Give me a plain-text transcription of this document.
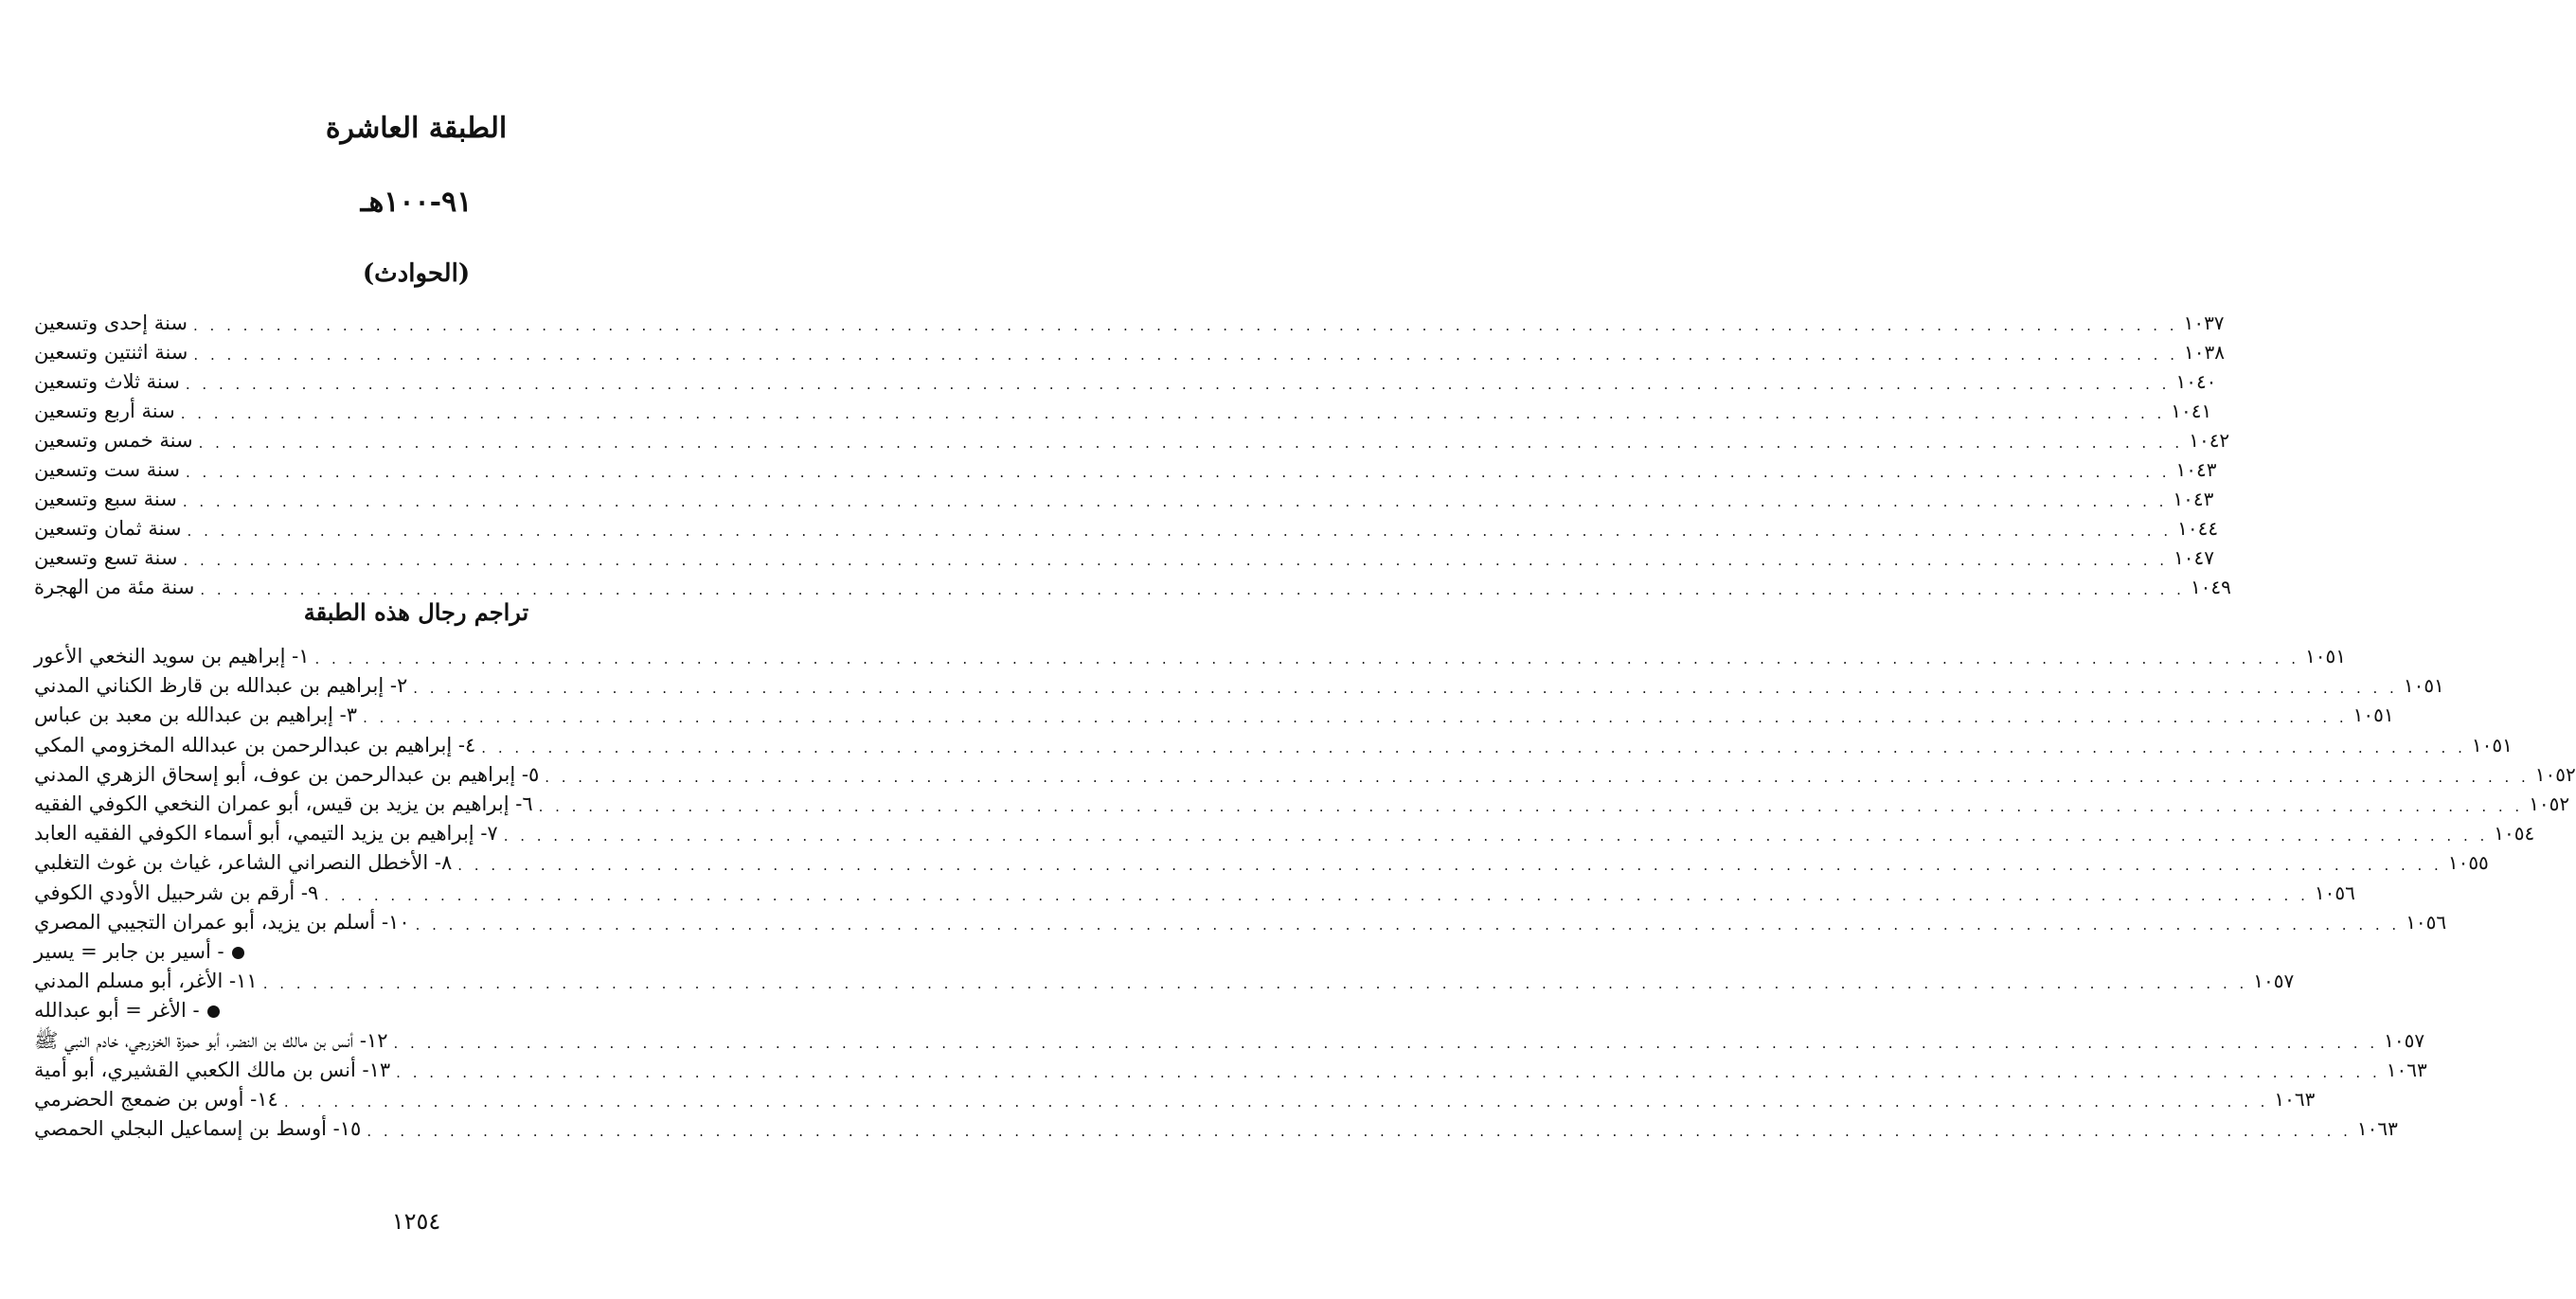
الطبقة العاشرة
٩١-١٠٠هـ
(الحوادث)
سنة إحدى وتسعين . . . . . . . . . . . . . . . . . . . . . . . . . . . . . . . . . . . . . . . . . . . . . . . . . . . . . . . . . . . . . . . . . . . . . . . . . . . . . . . . . . . . . . . . . . . . . . . . . . . . . . . . . . . . . . . . . . . . . . . . ١٠٣٧
سنة اثنتين وتسعين . . . . . . . . . . . . . . . . . . . . . . . . . . . . . . . . . . . . . . . . . . . . . . . . . . . . . . . . . . . . . . . . . . . . . . . . . . . . . . . . . . . . . . . . . . . . . . . . . . . . . . . . . . . . . . . . . . . . . . . . ١٠٣٨
سنة ثلاث وتسعين . . . . . . . . . . . . . . . . . . . . . . . . . . . . . . . . . . . . . . . . . . . . . . . . . . . . . . . . . . . . . . . . . . . . . . . . . . . . . . . . . . . . . . . . . . . . . . . . . . . . . . . . . . . . . . . . . . . . . . . . ١٠٤٠
سنة أربع وتسعين . . . . . . . . . . . . . . . . . . . . . . . . . . . . . . . . . . . . . . . . . . . . . . . . . . . . . . . . . . . . . . . . . . . . . . . . . . . . . . . . . . . . . . . . . . . . . . . . . . . . . . . . . . . . . . . . . . . . . . . . ١٠٤١
سنة خمس وتسعين . . . . . . . . . . . . . . . . . . . . . . . . . . . . . . . . . . . . . . . . . . . . . . . . . . . . . . . . . . . . . . . . . . . . . . . . . . . . . . . . . . . . . . . . . . . . . . . . . . . . . . . . . . . . . . . . . . . . . . . . ١٠٤٢
سنة ست وتسعين . . . . . . . . . . . . . . . . . . . . . . . . . . . . . . . . . . . . . . . . . . . . . . . . . . . . . . . . . . . . . . . . . . . . . . . . . . . . . . . . . . . . . . . . . . . . . . . . . . . . . . . . . . . . . . . . . . . . . . . . ١٠٤٣
سنة سبع وتسعين . . . . . . . . . . . . . . . . . . . . . . . . . . . . . . . . . . . . . . . . . . . . . . . . . . . . . . . . . . . . . . . . . . . . . . . . . . . . . . . . . . . . . . . . . . . . . . . . . . . . . . . . . . . . . . . . . . . . . . . . ١٠٤٣
سنة ثمان وتسعين . . . . . . . . . . . . . . . . . . . . . . . . . . . . . . . . . . . . . . . . . . . . . . . . . . . . . . . . . . . . . . . . . . . . . . . . . . . . . . . . . . . . . . . . . . . . . . . . . . . . . . . . . . . . . . . . . . . . . . . . ١٠٤٤
سنة تسع وتسعين . . . . . . . . . . . . . . . . . . . . . . . . . . . . . . . . . . . . . . . . . . . . . . . . . . . . . . . . . . . . . . . . . . . . . . . . . . . . . . . . . . . . . . . . . . . . . . . . . . . . . . . . . . . . . . . . . . . . . . . . ١٠٤٧
سنة مئة من الهجرة . . . . . . . . . . . . . . . . . . . . . . . . . . . . . . . . . . . . . . . . . . . . . . . . . . . . . . . . . . . . . . . . . . . . . . . . . . . . . . . . . . . . . . . . . . . . . . . . . . . . . . . . . . . . . . . . . . . . . . . . ١٠٤٩
تراجم رجال هذه الطبقة
١- إبراهيم بن سويد النخعي الأعور . . . . . . . . . . . . . . . . . . . . . . . . . . . . . . . . . . . . . . . . . . . . . . . . . . . . . . . . . . . . . . . . . . . . . . . . . . . . . . . . . . . . . . . . . . . . . . . . . . . . . . . . . . . . . . . . . . . . . . . . ١٠٥١
٢- إبراهيم بن عبدالله بن قارظ الكناني المدني . . . . . . . . . . . . . . . . . . . . . . . . . . . . . . . . . . . . . . . . . . . . . . . . . . . . . . . . . . . . . . . . . . . . . . . . . . . . . . . . . . . . . . . . . . . . . . . . . . . . . . . . . . . . . . . . . . . . . . . . ١٠٥١
٣- إبراهيم بن عبدالله بن معبد بن عباس . . . . . . . . . . . . . . . . . . . . . . . . . . . . . . . . . . . . . . . . . . . . . . . . . . . . . . . . . . . . . . . . . . . . . . . . . . . . . . . . . . . . . . . . . . . . . . . . . . . . . . . . . . . . . . . . . . . . . . . . ١٠٥١
٤- إبراهيم بن عبدالرحمن بن عبدالله المخزومي المكي . . . . . . . . . . . . . . . . . . . . . . . . . . . . . . . . . . . . . . . . . . . . . . . . . . . . . . . . . . . . . . . . . . . . . . . . . . . . . . . . . . . . . . . . . . . . . . . . . . . . . . . . . . . . . . . . . . . . . . . . ١٠٥١
٥- إبراهيم بن عبدالرحمن بن عوف، أبو إسحاق الزهري المدني . . . . . . . . . . . . . . . . . . . . . . . . . . . . . . . . . . . . . . . . . . . . . . . . . . . . . . . . . . . . . . . . . . . . . . . . . . . . . . . . . . . . . . . . . . . . . . . . . . . . . . . . . . . . . . . . . . . . . . . . ١٠٥٢
٦- إبراهيم بن يزيد بن قيس، أبو عمران النخعي الكوفي الفقيه . . . . . . . . . . . . . . . . . . . . . . . . . . . . . . . . . . . . . . . . . . . . . . . . . . . . . . . . . . . . . . . . . . . . . . . . . . . . . . . . . . . . . . . . . . . . . . . . . . . . . . . . . . . . . . . . . . . . . . . . ١٠٥٢
٧- إبراهيم بن يزيد التيمي، أبو أسماء الكوفي الفقيه العابد . . . . . . . . . . . . . . . . . . . . . . . . . . . . . . . . . . . . . . . . . . . . . . . . . . . . . . . . . . . . . . . . . . . . . . . . . . . . . . . . . . . . . . . . . . . . . . . . . . . . . . . . . . . . . . . . . . . . . . . . ١٠٥٤
٨- الأخطل النصراني الشاعر، غياث بن غوث التغلبي . . . . . . . . . . . . . . . . . . . . . . . . . . . . . . . . . . . . . . . . . . . . . . . . . . . . . . . . . . . . . . . . . . . . . . . . . . . . . . . . . . . . . . . . . . . . . . . . . . . . . . . . . . . . . . . . . . . . . . . . ١٠٥٥
٩- أرقم بن شرحبيل الأودي الكوفي . . . . . . . . . . . . . . . . . . . . . . . . . . . . . . . . . . . . . . . . . . . . . . . . . . . . . . . . . . . . . . . . . . . . . . . . . . . . . . . . . . . . . . . . . . . . . . . . . . . . . . . . . . . . . . . . . . . . . . . . ١٠٥٦
١٠- أسلم بن يزيد، أبو عمران التجيبي المصري . . . . . . . . . . . . . . . . . . . . . . . . . . . . . . . . . . . . . . . . . . . . . . . . . . . . . . . . . . . . . . . . . . . . . . . . . . . . . . . . . . . . . . . . . . . . . . . . . . . . . . . . . . . . . . . . . . . . . . . . ١٠٥٦
- أسير بن جابر = يسير
١١- الأغر، أبو مسلم المدني . . . . . . . . . . . . . . . . . . . . . . . . . . . . . . . . . . . . . . . . . . . . . . . . . . . . . . . . . . . . . . . . . . . . . . . . . . . . . . . . . . . . . . . . . . . . . . . . . . . . . . . . . . . . . . . . . . . . . . . . ١٠٥٧
- الأغر = أبو عبدالله
١٢- أنس بن مالك بن النضر، أبو حمزة الخزرجي، خادم النبي ﷺ . . . . . . . . . . . . . . . . . . . . . . . . . . . . . . . . . . . . . . . . . . . . . . . . . . . . . . . . . . . . . . . . . . . . . . . . . . . . . . . . . . . . . . . . . . . . . . . . . . . . . . . . . . . . . . . . . . . . . . . . ١٠٥٧
١٣- أنس بن مالك الكعبي القشيري، أبو أمية . . . . . . . . . . . . . . . . . . . . . . . . . . . . . . . . . . . . . . . . . . . . . . . . . . . . . . . . . . . . . . . . . . . . . . . . . . . . . . . . . . . . . . . . . . . . . . . . . . . . . . . . . . . . . . . . . . . . . . . . ١٠٦٣
١٤- أوس بن ضمعج الحضرمي . . . . . . . . . . . . . . . . . . . . . . . . . . . . . . . . . . . . . . . . . . . . . . . . . . . . . . . . . . . . . . . . . . . . . . . . . . . . . . . . . . . . . . . . . . . . . . . . . . . . . . . . . . . . . . . . . . . . . . . . ١٠٦٣
١٥- أوسط بن إسماعيل البجلي الحمصي . . . . . . . . . . . . . . . . . . . . . . . . . . . . . . . . . . . . . . . . . . . . . . . . . . . . . . . . . . . . . . . . . . . . . . . . . . . . . . . . . . . . . . . . . . . . . . . . . . . . . . . . . . . . . . . . . . . . . . . . ١٠٦٣
١٢٥٤
